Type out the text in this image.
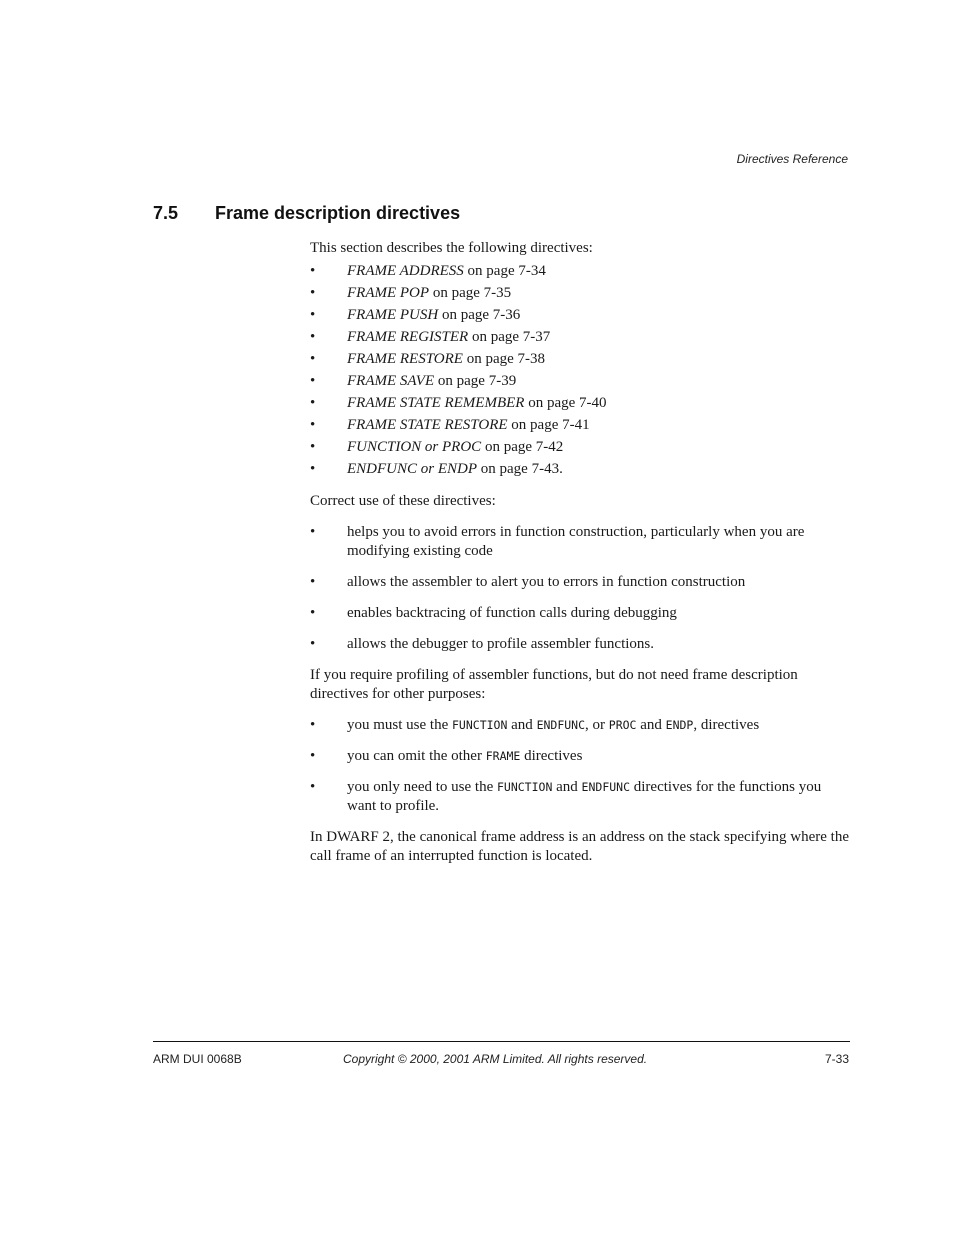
Directives Reference
7.5	Frame description directives

This section describes the following directives:

•	FRAME ADDRESS on page 7-34
•	FRAME POP on page 7-35
•	FRAME PUSH on page 7-36
•	FRAME REGISTER on page 7-37
•	FRAME RESTORE on page 7-38
•	FRAME SAVE on page 7-39
•	FRAME STATE REMEMBER on page 7-40
•	FRAME STATE RESTORE on page 7-41
•	FUNCTION or PROC on page 7-42
•	ENDFUNC or ENDP on page 7-43.

Correct use of these directives:

•	helps you to avoid errors in function construction, particularly when you are modifying existing code
•	allows the assembler to alert you to errors in function construction
•	enables backtracing of function calls during debugging
•	allows the debugger to profile assembler functions.

If you require profiling of assembler functions, but do not need frame description directives for other purposes:

•	you must use the FUNCTION and ENDFUNC, or PROC and ENDP, directives
•	you can omit the other FRAME directives
•	you only need to use the FUNCTION and ENDFUNC directives for the functions you want to profile.

In DWARF 2, the canonical frame address is an address on the stack specifying where the call frame of an interrupted function is located.

ARM DUI 0068B	Copyright © 2000, 2001 ARM Limited. All rights reserved.	7-33
